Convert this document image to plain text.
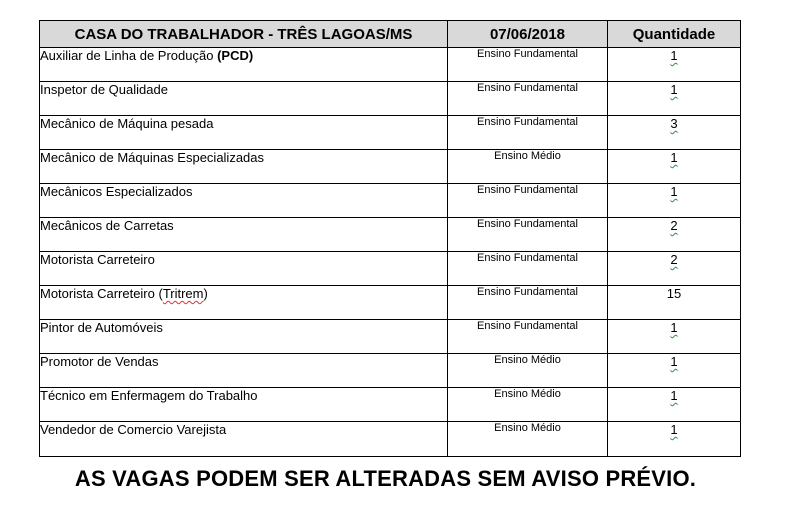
CASA DO TRABALHADOR - TRÊS LAGOAS/MS	07/06/2018	Quantidade
Auxiliar de Linha de Produção (PCD)	Ensino Fundamental	1
Inspetor de Qualidade	Ensino Fundamental	1
Mecânico de Máquina pesada	Ensino Fundamental	3
Mecânico de Máquinas Especializadas	Ensino Médio	1
Mecânicos Especializados	Ensino Fundamental	1
Mecânicos de Carretas	Ensino Fundamental	2
Motorista Carreteiro	Ensino Fundamental	2
Motorista Carreteiro (Tritrem)	Ensino Fundamental	15
Pintor de Automóveis	Ensino Fundamental	1
Promotor de Vendas	Ensino Médio	1
Técnico em Enfermagem do Trabalho	Ensino Médio	1
Vendedor de Comercio Varejista	Ensino Médio	1
AS VAGAS PODEM SER ALTERADAS SEM AVISO PRÉVIO.
